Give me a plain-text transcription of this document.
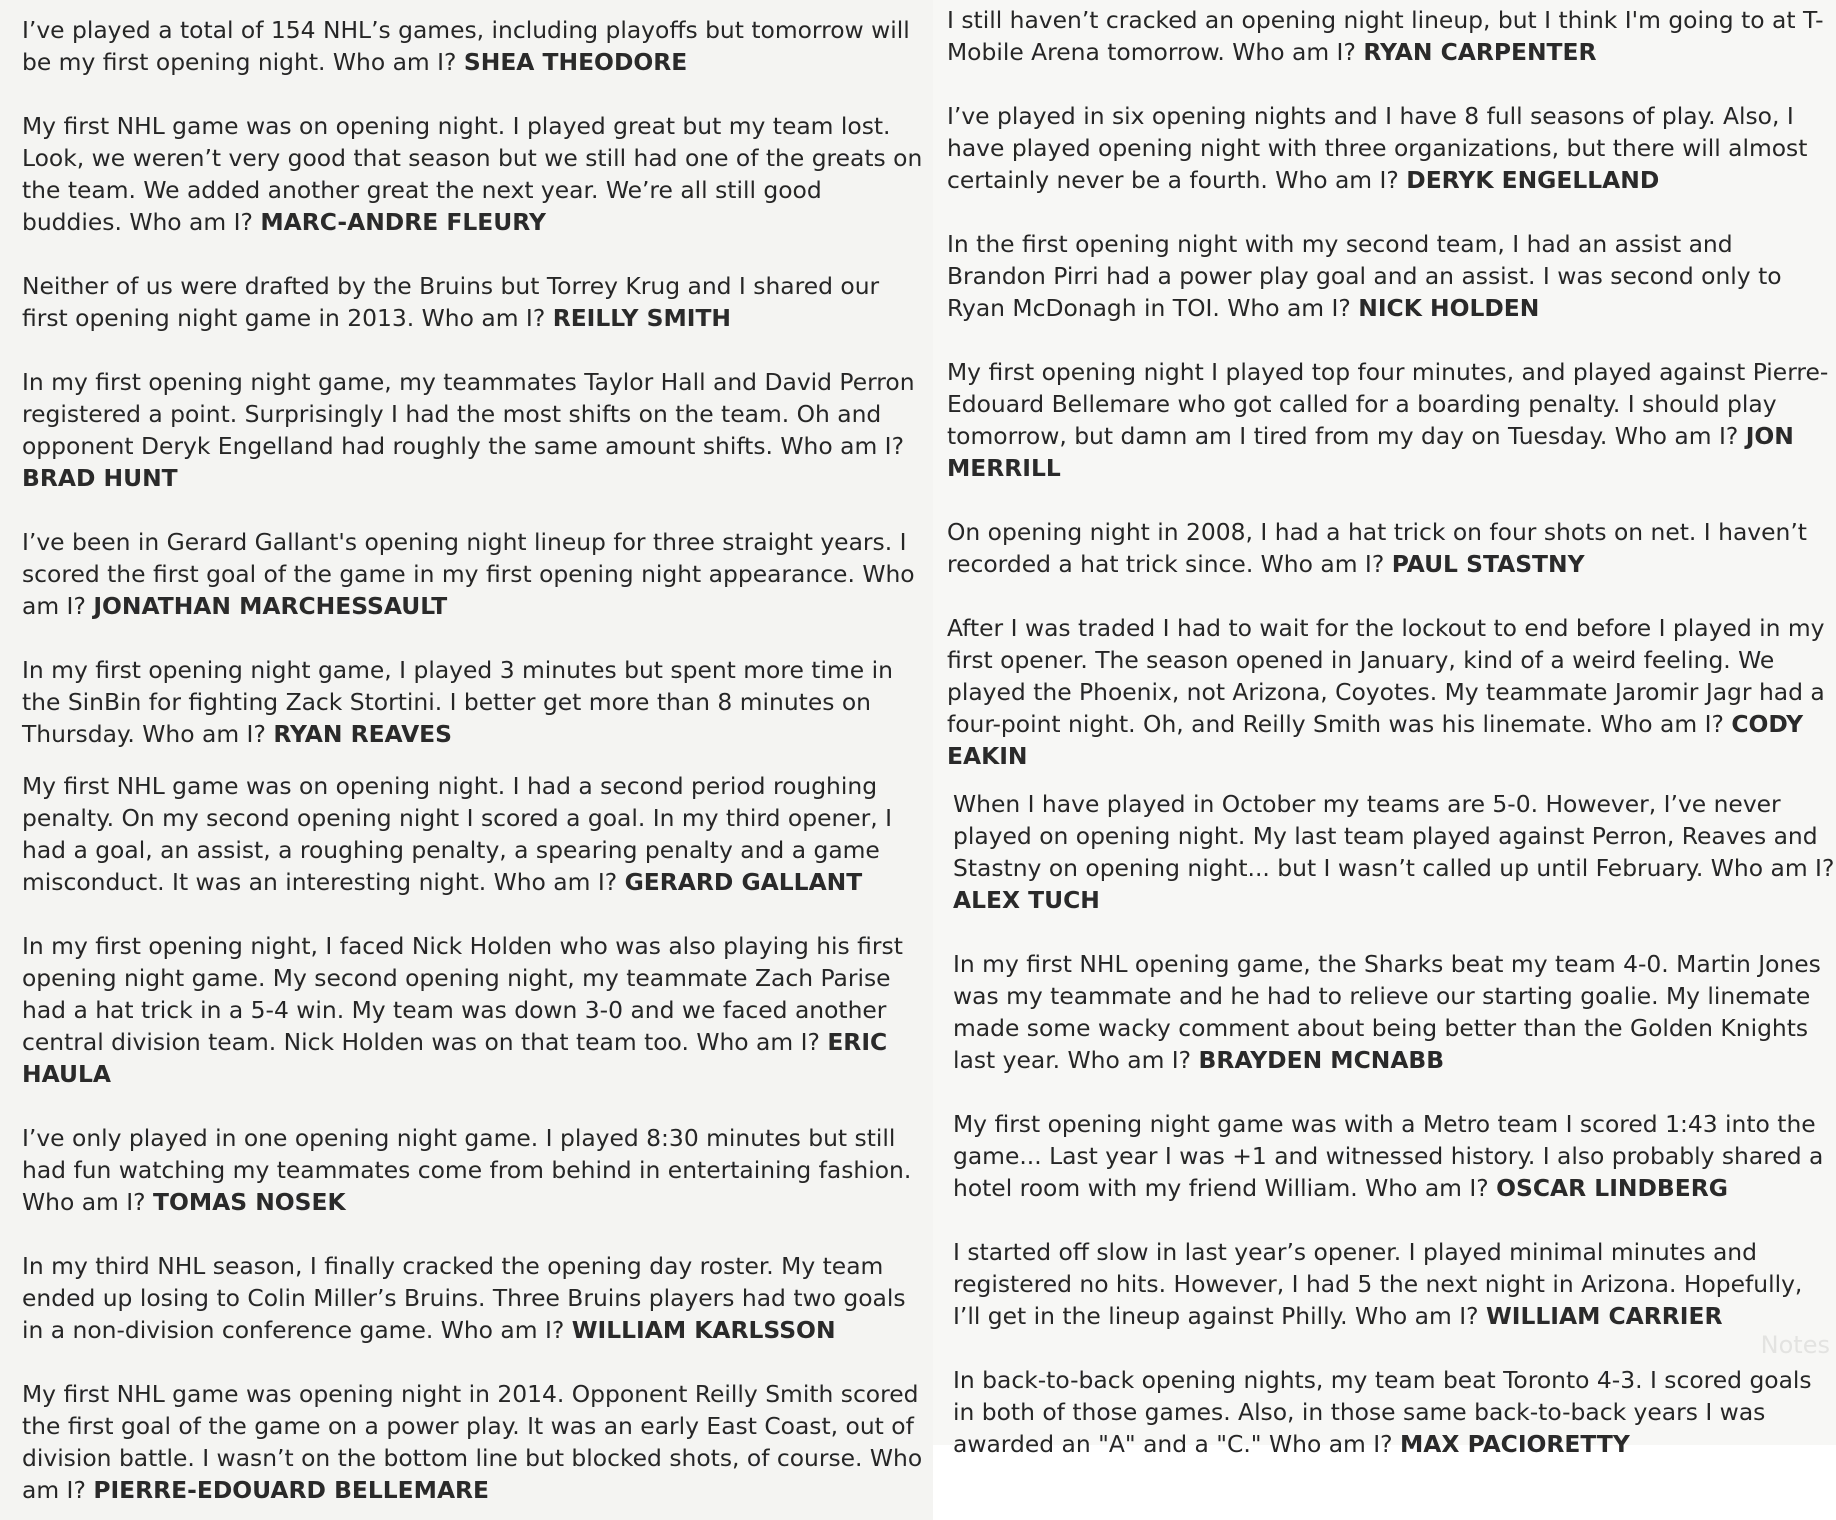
I’ve played a total of 154 NHL’s games, including playoffs but tomorrow will be my first opening night. Who am I? SHEA THEODORE

My first NHL game was on opening night. I played great but my team lost. Look, we weren’t very good that season but we still had one of the greats on the team. We added another great the next year. We’re all still good buddies. Who am I? MARC-ANDRE FLEURY

Neither of us were drafted by the Bruins but Torrey Krug and I shared our first opening night game in 2013. Who am I? REILLY SMITH

In my first opening night game, my teammates Taylor Hall and David Perron registered a point. Surprisingly I had the most shifts on the team. Oh and opponent Deryk Engelland had roughly the same amount shifts. Who am I? BRAD HUNT

I’ve been in Gerard Gallant's opening night lineup for three straight years. I scored the first goal of the game in my first opening night appearance. Who am I? JONATHAN MARCHESSAULT

In my first opening night game, I played 3 minutes but spent more time in the SinBin for fighting Zack Stortini. I better get more than 8 minutes on Thursday. Who am I? RYAN REAVES

My first NHL game was on opening night. I had a second period roughing penalty. On my second opening night I scored a goal. In my third opener, I had a goal, an assist, a roughing penalty, a spearing penalty and a game misconduct. It was an interesting night. Who am I? GERARD GALLANT

In my first opening night, I faced Nick Holden who was also playing his first opening night game. My second opening night, my teammate Zach Parise had a hat trick in a 5-4 win. My team was down 3-0 and we faced another central division team. Nick Holden was on that team too. Who am I? ERIC HAULA

I’ve only played in one opening night game. I played 8:30 minutes but still had fun watching my teammates come from behind in entertaining fashion. Who am I? TOMAS NOSEK

In my third NHL season, I finally cracked the opening day roster. My team ended up losing to Colin Miller’s Bruins. Three Bruins players had two goals in a non-division conference game. Who am I? WILLIAM KARLSSON

My first NHL game was opening night in 2014. Opponent Reilly Smith scored the first goal of the game on a power play. It was an early East Coast, out of division battle. I wasn’t on the bottom line but blocked shots, of course. Who am I? PIERRE-EDOUARD BELLEMARE

I still haven’t cracked an opening night lineup, but I think I'm going to at T-Mobile Arena tomorrow. Who am I? RYAN CARPENTER

I’ve played in six opening nights and I have 8 full seasons of play. Also, I have played opening night with three organizations, but there will almost certainly never be a fourth. Who am I? DERYK ENGELLAND

In the first opening night with my second team, I had an assist and Brandon Pirri had a power play goal and an assist. I was second only to Ryan McDonagh in TOI. Who am I? NICK HOLDEN

My first opening night I played top four minutes, and played against Pierre-Edouard Bellemare who got called for a boarding penalty. I should play tomorrow, but damn am I tired from my day on Tuesday. Who am I? JON MERRILL

On opening night in 2008, I had a hat trick on four shots on net. I haven’t recorded a hat trick since. Who am I? PAUL STASTNY

After I was traded I had to wait for the lockout to end before I played in my first opener. The season opened in January, kind of a weird feeling. We played the Phoenix, not Arizona, Coyotes. My teammate Jaromir Jagr had a four-point night. Oh, and Reilly Smith was his linemate. Who am I? CODY EAKIN

When I have played in October my teams are 5-0. However, I’ve never played on opening night. My last team played against Perron, Reaves and Stastny on opening night... but I wasn’t called up until February. Who am I? ALEX TUCH

In my first NHL opening game, the Sharks beat my team 4-0. Martin Jones was my teammate and he had to relieve our starting goalie. My linemate made some wacky comment about being better than the Golden Knights last year. Who am I? BRAYDEN MCNABB

My first opening night game was with a Metro team I scored 1:43 into the game... Last year I was +1 and witnessed history. I also probably shared a hotel room with my friend William. Who am I? OSCAR LINDBERG

I started off slow in last year’s opener. I played minimal minutes and registered no hits. However, I had 5 the next night in Arizona. Hopefully, I’ll get in the lineup against Philly. Who am I? WILLIAM CARRIER

In back-to-back opening nights, my team beat Toronto 4-3. I scored goals in both of those games. Also, in those same back-to-back years I was awarded an "A" and a "C." Who am I? MAX PACIORETTY

Notes
